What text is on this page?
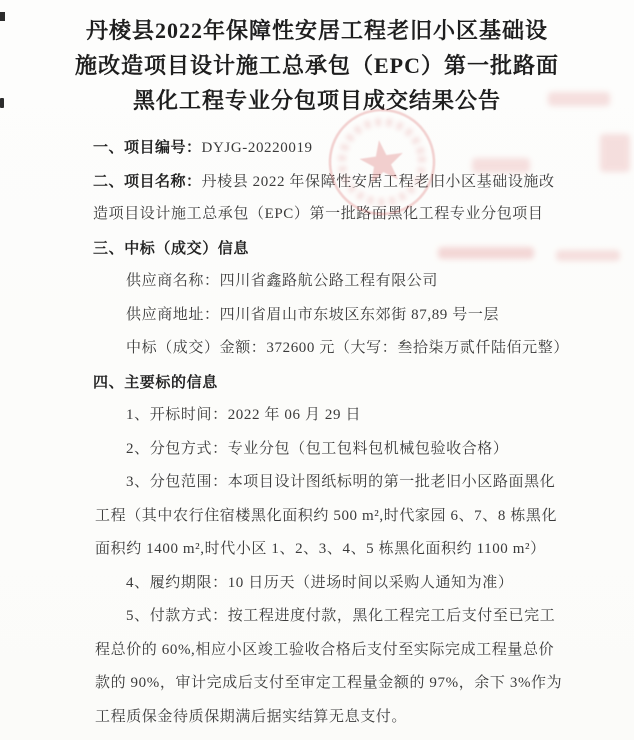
丹棱县2022年保障性安居工程老旧小区基础设
施改造项目设计施工总承包（EPC）第一批路面
黑化工程专业分包项目成交结果公告
一、项目编号：DYJG-20220019
二、项目名称：丹棱县 2022 年保障性安居工程老旧小区基础设施改
造项目设计施工总承包（EPC）第一批路面黑化工程专业分包项目
三、中标（成交）信息
供应商名称：四川省鑫路航公路工程有限公司
供应商地址：四川省眉山市东坡区东郊街 87,89 号一层
中标（成交）金额：372600 元（大写：叁拾柒万贰仟陆佰元整）
四、主要标的信息
1、开标时间：2022 年 06 月 29 日
2、分包方式：专业分包（包工包料包机械包验收合格）
3、分包范围：本项目设计图纸标明的第一批老旧小区路面黑化
工程（其中农行住宿楼黑化面积约 500 m²,时代家园 6、7、8 栋黑化
面积约 1400 m²,时代小区 1、2、3、4、5 栋黑化面积约 1100 m²）
4、履约期限：10 日历天（进场时间以采购人通知为准）
5、付款方式：按工程进度付款，黑化工程完工后支付至已完工
程总价的 60%,相应小区竣工验收合格后支付至实际完成工程量总价
款的 90%，审计完成后支付至审定工程量金额的 97%，余下 3%作为
工程质保金待质保期满后据实结算无息支付。
